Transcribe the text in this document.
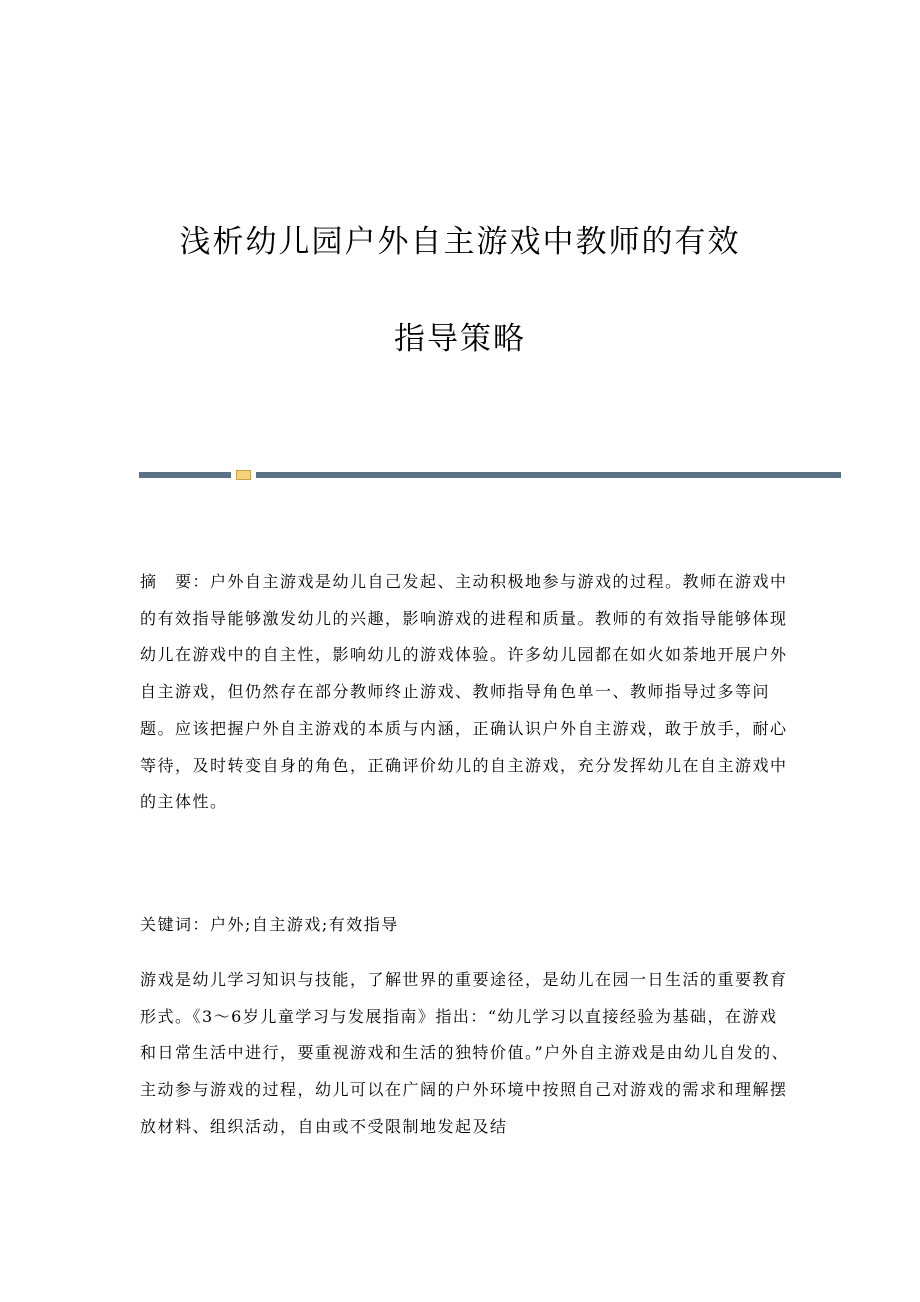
浅析幼儿园户外自主游戏中教师的有效
指导策略

摘　要：户外自主游戏是幼儿自己发起、主动积极地参与游戏的过程。教师在游戏中的有效指导能够激发幼儿的兴趣，影响游戏的进程和质量。教师的有效指导能够体现幼儿在游戏中的自主性，影响幼儿的游戏体验。许多幼儿园都在如火如荼地开展户外自主游戏，但仍然存在部分教师终止游戏、教师指导角色单一、教师指导过多等问题。应该把握户外自主游戏的本质与内涵，正确认识户外自主游戏，敢于放手，耐心等待，及时转变自身的角色，正确评价幼儿的自主游戏，充分发挥幼儿在自主游戏中的主体性。

关键词：户外;自主游戏;有效指导

游戏是幼儿学习知识与技能，了解世界的重要途径，是幼儿在园一日生活的重要教育形式。《3～6岁儿童学习与发展指南》指出：“幼儿学习以直接经验为基础，在游戏和日常生活中进行，要重视游戏和生活的独特价值。”户外自主游戏是由幼儿自发的、主动参与游戏的过程，幼儿可以在广阔的户外环境中按照自己对游戏的需求和理解摆放材料、组织活动，自由或不受限制地发起及结
